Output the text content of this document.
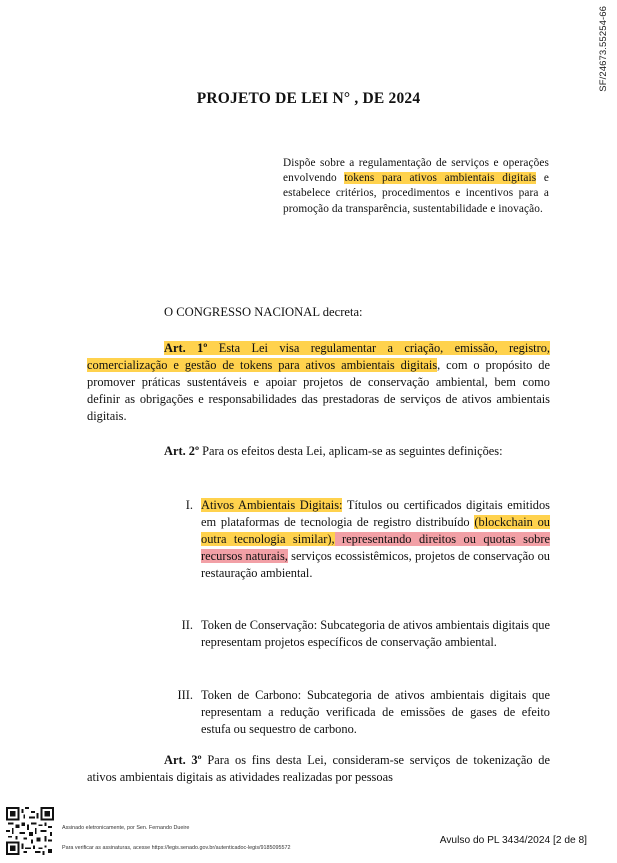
SF/24673.55254-66
PROJETO DE LEI N° , DE 2024
Dispõe sobre a regulamentação de serviços e operações envolvendo tokens para ativos ambientais digitais e estabelece critérios, procedimentos e incentivos para a promoção da transparência, sustentabilidade e inovação.
O CONGRESSO NACIONAL decreta:
Art. 1º Esta Lei visa regulamentar a criação, emissão, registro, comercialização e gestão de tokens para ativos ambientais digitais, com o propósito de promover práticas sustentáveis e apoiar projetos de conservação ambiental, bem como definir as obrigações e responsabilidades das prestadoras de serviços de ativos ambientais digitais.
Art. 2º Para os efeitos desta Lei, aplicam-se as seguintes definições:
I. Ativos Ambientais Digitais: Títulos ou certificados digitais emitidos em plataformas de tecnologia de registro distribuído (blockchain ou outra tecnologia similar), representando direitos ou quotas sobre recursos naturais, serviços ecossistêmicos, projetos de conservação ou restauração ambiental.
II. Token de Conservação: Subcategoria de ativos ambientais digitais que representam projetos específicos de conservação ambiental.
III. Token de Carbono: Subcategoria de ativos ambientais digitais que representam a redução verificada de emissões de gases de efeito estufa ou sequestro de carbono.
Art. 3º Para os fins desta Lei, consideram-se serviços de tokenização de ativos ambientais digitais as atividades realizadas por pessoas
Assinado eletronicamente, por Sen. Fernando Dueire
Para verificar as assinaturas, acesse https://legis.senado.gov.br/autenticadoc-legis/9185095572
Avulso do PL 3434/2024 [2 de 8]
